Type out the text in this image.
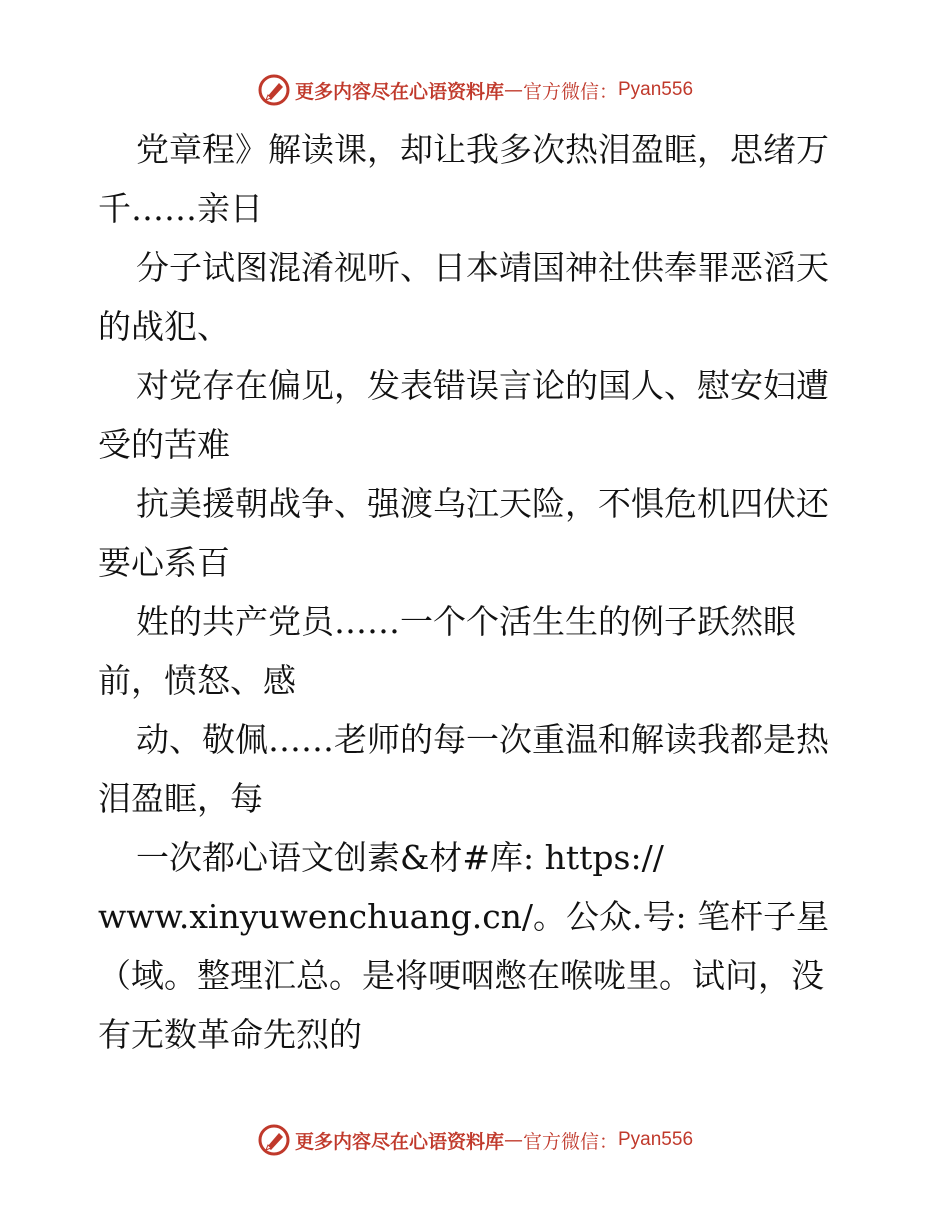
更多内容尽在心语资料库 — 官方微信： Pyan556

党章程》解读课，却让我多次热泪盈眶，思绪万

千……亲日

分子试图混淆视听、日本靖国神社供奉罪恶滔天

的战犯、

对党存在偏见，发表错误言论的国人、慰安妇遭

受的苦难

抗美援朝战争、强渡乌江天险，不惧危机四伏还

要心系百

姓的共产党员……一个个活生生的例子跃然眼

前，愤怒、感

动、敬佩……老师的每一次重温和解读我都是热

泪盈眶，每

一次都心语文创素&材#库: https://

www.xinyuwenchuang.cn/。公众.号: 笔杆子星

（域。整理汇总。是将哽咽憋在喉咙里。试问，没

有无数革命先烈的

更多内容尽在心语资料库 — 官方微信： Pyan556
